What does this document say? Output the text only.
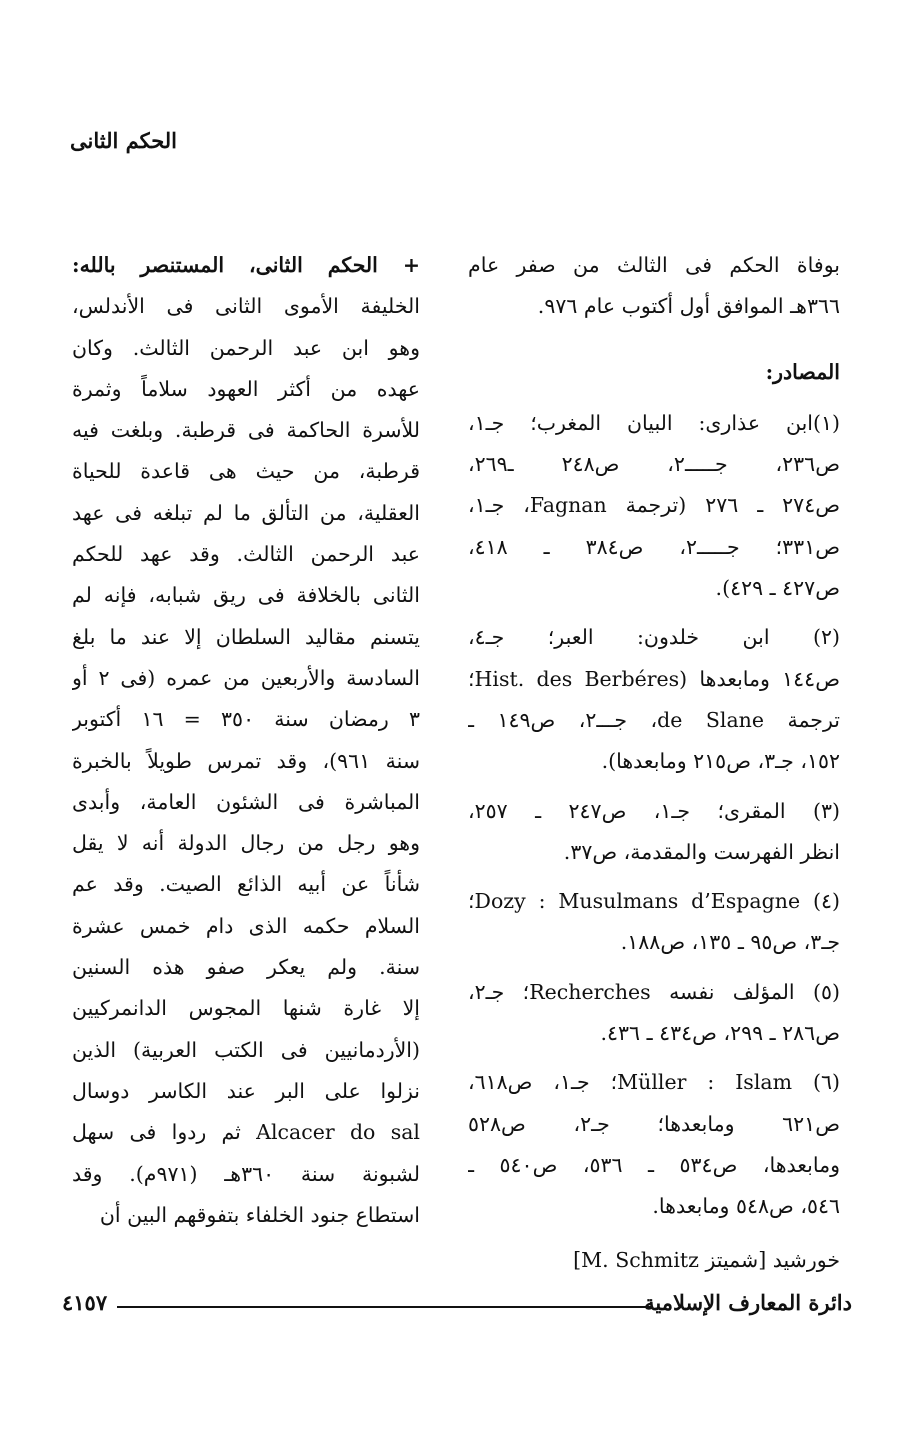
الحكم الثانى
+ الحكم الثانى، المستنصر بالله:
الخليفة الأموى الثانى فى الأندلس،
وهو ابن عبد الرحمن الثالث. وكان
عهده من أكثر العهود سلاماً وثمرة
للأسرة الحاكمة فى قرطبة. وبلغت فيه
قرطبة، من حيث هى قاعدة للحياة
العقلية، من التألق ما لم تبلغه فى عهد
عبد الرحمن الثالث. وقد عهد للحكم
الثانى بالخلافة فى ريق شبابه، فإنه لم
يتسنم مقاليد السلطان إلا عند ما بلغ
السادسة والأربعين من عمره (فى ٢ أو
٣ رمضان سنة ٣٥٠ = ١٦ أكتوبر
سنة ٩٦١)، وقد تمرس طويلاً بالخبرة
المباشرة فى الشئون العامة، وأبدى
وهو رجل من رجال الدولة أنه لا يقل
شأناً عن أبيه الذائع الصيت. وقد عم
السلام حكمه الذى دام خمس عشرة
سنة. ولم يعكر صفو هذه السنين
إلا غارة شنها المجوس الدانمركيين
(الأردمانيين فى الكتب العربية) الذين
نزلوا على البر عند الكاسر دوسال
Alcacer do sal ثم ردوا فى سهل
لشبونة سنة ٣٦٠هـ (٩٧١م). وقد
استطاع جنود الخلفاء بتفوقهم البين أن
بوفاة الحكم فى الثالث من صفر عام
٣٦٦هـ الموافق أول أكتوب عام ٩٧٦.
المصادر:
(١)ابن عذارى: البيان المغرب؛ جـ١،
ص٢٣٦، جـــــ٢، ص٢٤٨ ـ٢٦٩،
ص٢٧٤ ـ ٢٧٦ (ترجمة Fagnan، جـ١،
ص٣٣١؛ جـــــ٢، ص٣٨٤ ـ ٤١٨،
ص٤٢٧ ـ ٤٢٩).
(٢) ابن خلدون: العبر؛ جـ٤،
ص١٤٤ ومابعدها (Hist. des Berbéres؛
ترجمة de Slane، جـــ٢، ص١٤٩ ـ
١٥٢، جـ٣، ص٢١٥ ومابعدها).
(٣) المقرى؛ جـ١، ص٢٤٧ ـ ٢٥٧،
انظر الفهرست والمقدمة، ص٣٧.
(٤) Dozy : Musulmans d’Espagne؛
جـ٣، ص٩٥ ـ ١٣٥، ص١٨٨.
(٥) المؤلف نفسه Recherches؛ جـ٢،
ص٢٨٦ ـ ٢٩٩، ص٤٣٤ ـ ٤٣٦.
(٦) Müller : Islam؛ جـ١، ص٦١٨،
ص٦٢١ ومابعدها؛ جـ٢، ص٥٢٨
ومابعدها، ص٥٣٤ ـ ٥٣٦، ص٥٤٠ ـ
٥٤٦، ص٥٤٨ ومابعدها.
خورشيد [شميتز M. Schmitz]
٤١٥٧	دائرة المعارف الإسلامية
